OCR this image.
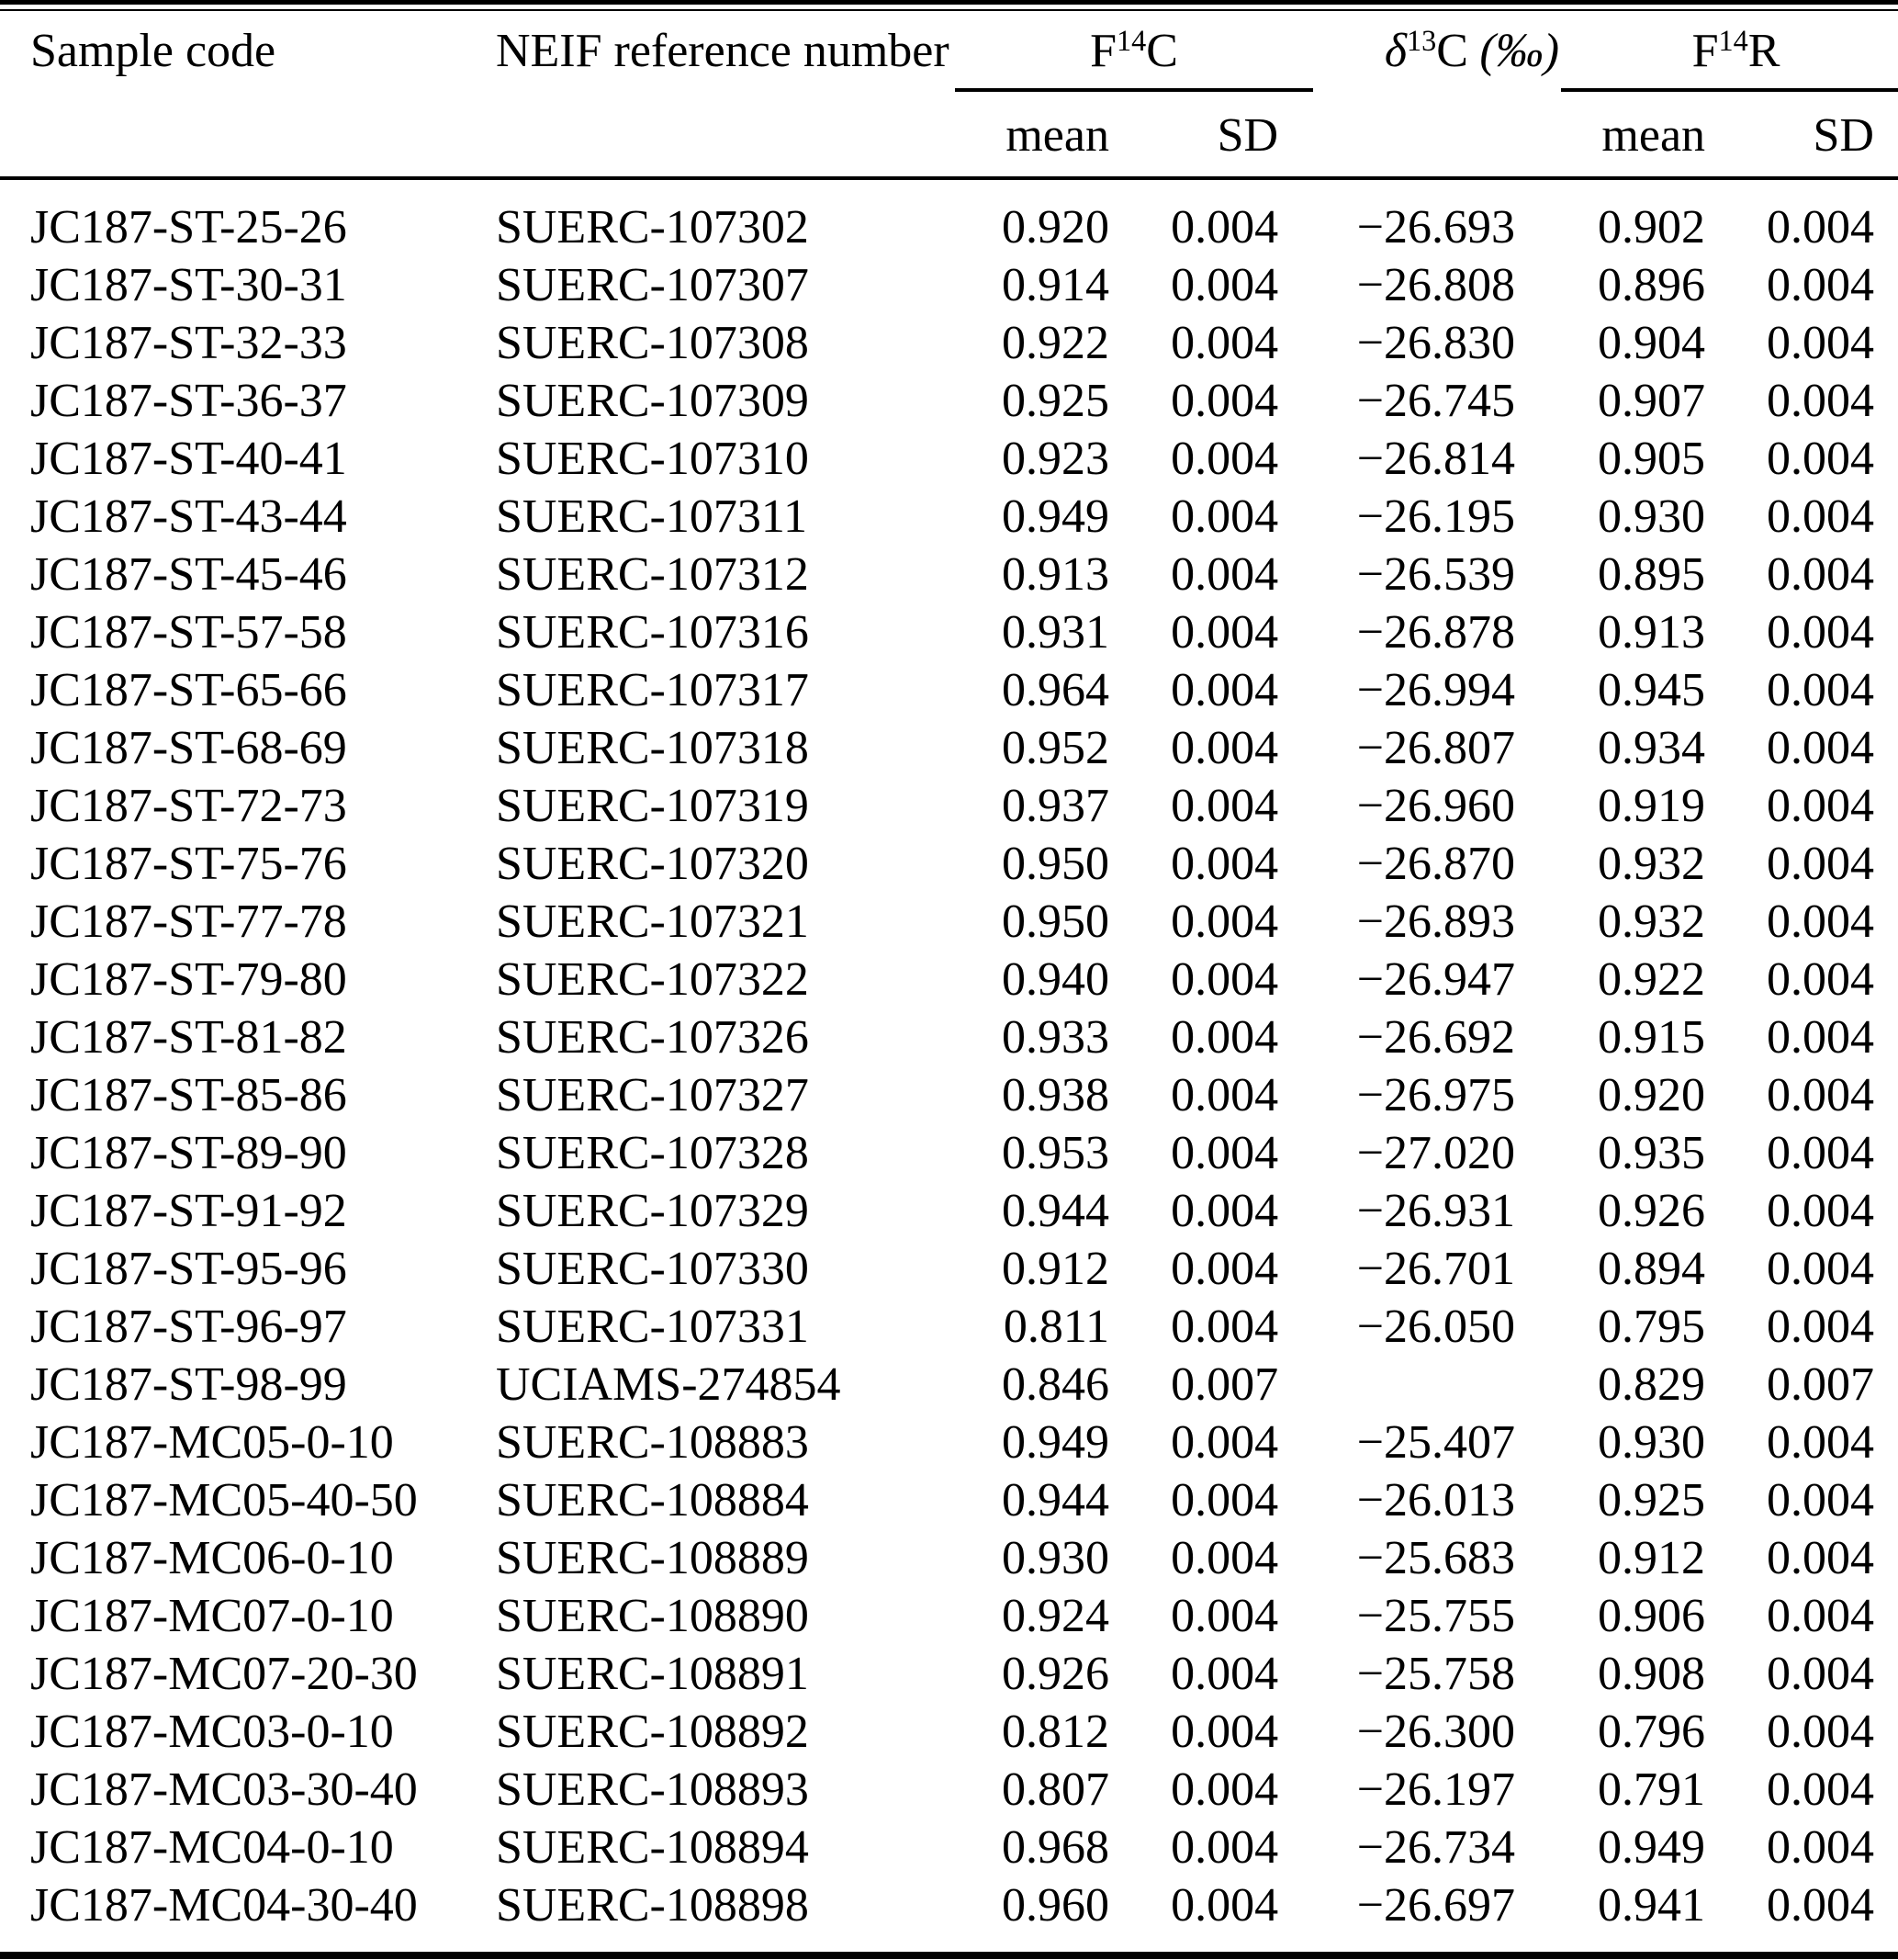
Sample code	NEIF reference number	$F^{14}C$		$\delta^{13}C$ (‰)	$F^{14}R$	
		mean	SD		mean	SD
JC187-ST-25-26	SUERC-107302	0.920	0.004	−26.693	0.902	0.004
JC187-ST-30-31	SUERC-107307	0.914	0.004	−26.808	0.896	0.004
JC187-ST-32-33	SUERC-107308	0.922	0.004	−26.830	0.904	0.004
JC187-ST-36-37	SUERC-107309	0.925	0.004	−26.745	0.907	0.004
JC187-ST-40-41	SUERC-107310	0.923	0.004	−26.814	0.905	0.004
JC187-ST-43-44	SUERC-107311	0.949	0.004	−26.195	0.930	0.004
JC187-ST-45-46	SUERC-107312	0.913	0.004	−26.539	0.895	0.004
JC187-ST-57-58	SUERC-107316	0.931	0.004	−26.878	0.913	0.004
JC187-ST-65-66	SUERC-107317	0.964	0.004	−26.994	0.945	0.004
JC187-ST-68-69	SUERC-107318	0.952	0.004	−26.807	0.934	0.004
JC187-ST-72-73	SUERC-107319	0.937	0.004	−26.960	0.919	0.004
JC187-ST-75-76	SUERC-107320	0.950	0.004	−26.870	0.932	0.004
JC187-ST-77-78	SUERC-107321	0.950	0.004	−26.893	0.932	0.004
JC187-ST-79-80	SUERC-107322	0.940	0.004	−26.947	0.922	0.004
JC187-ST-81-82	SUERC-107326	0.933	0.004	−26.692	0.915	0.004
JC187-ST-85-86	SUERC-107327	0.938	0.004	−26.975	0.920	0.004
JC187-ST-89-90	SUERC-107328	0.953	0.004	−27.020	0.935	0.004
JC187-ST-91-92	SUERC-107329	0.944	0.004	−26.931	0.926	0.004
JC187-ST-95-96	SUERC-107330	0.912	0.004	−26.701	0.894	0.004
JC187-ST-96-97	SUERC-107331	0.811	0.004	−26.050	0.795	0.004
JC187-ST-98-99	UCIAMS-274854	0.846	0.007		0.829	0.007
JC187-MC05-0-10	SUERC-108883	0.949	0.004	−25.407	0.930	0.004
JC187-MC05-40-50	SUERC-108884	0.944	0.004	−26.013	0.925	0.004
JC187-MC06-0-10	SUERC-108889	0.930	0.004	−25.683	0.912	0.004
JC187-MC07-0-10	SUERC-108890	0.924	0.004	−25.755	0.906	0.004
JC187-MC07-20-30	SUERC-108891	0.926	0.004	−25.758	0.908	0.004
JC187-MC03-0-10	SUERC-108892	0.812	0.004	−26.300	0.796	0.004
JC187-MC03-30-40	SUERC-108893	0.807	0.004	−26.197	0.791	0.004
JC187-MC04-0-10	SUERC-108894	0.968	0.004	−26.734	0.949	0.004
JC187-MC04-30-40	SUERC-108898	0.960	0.004	−26.697	0.941	0.004
